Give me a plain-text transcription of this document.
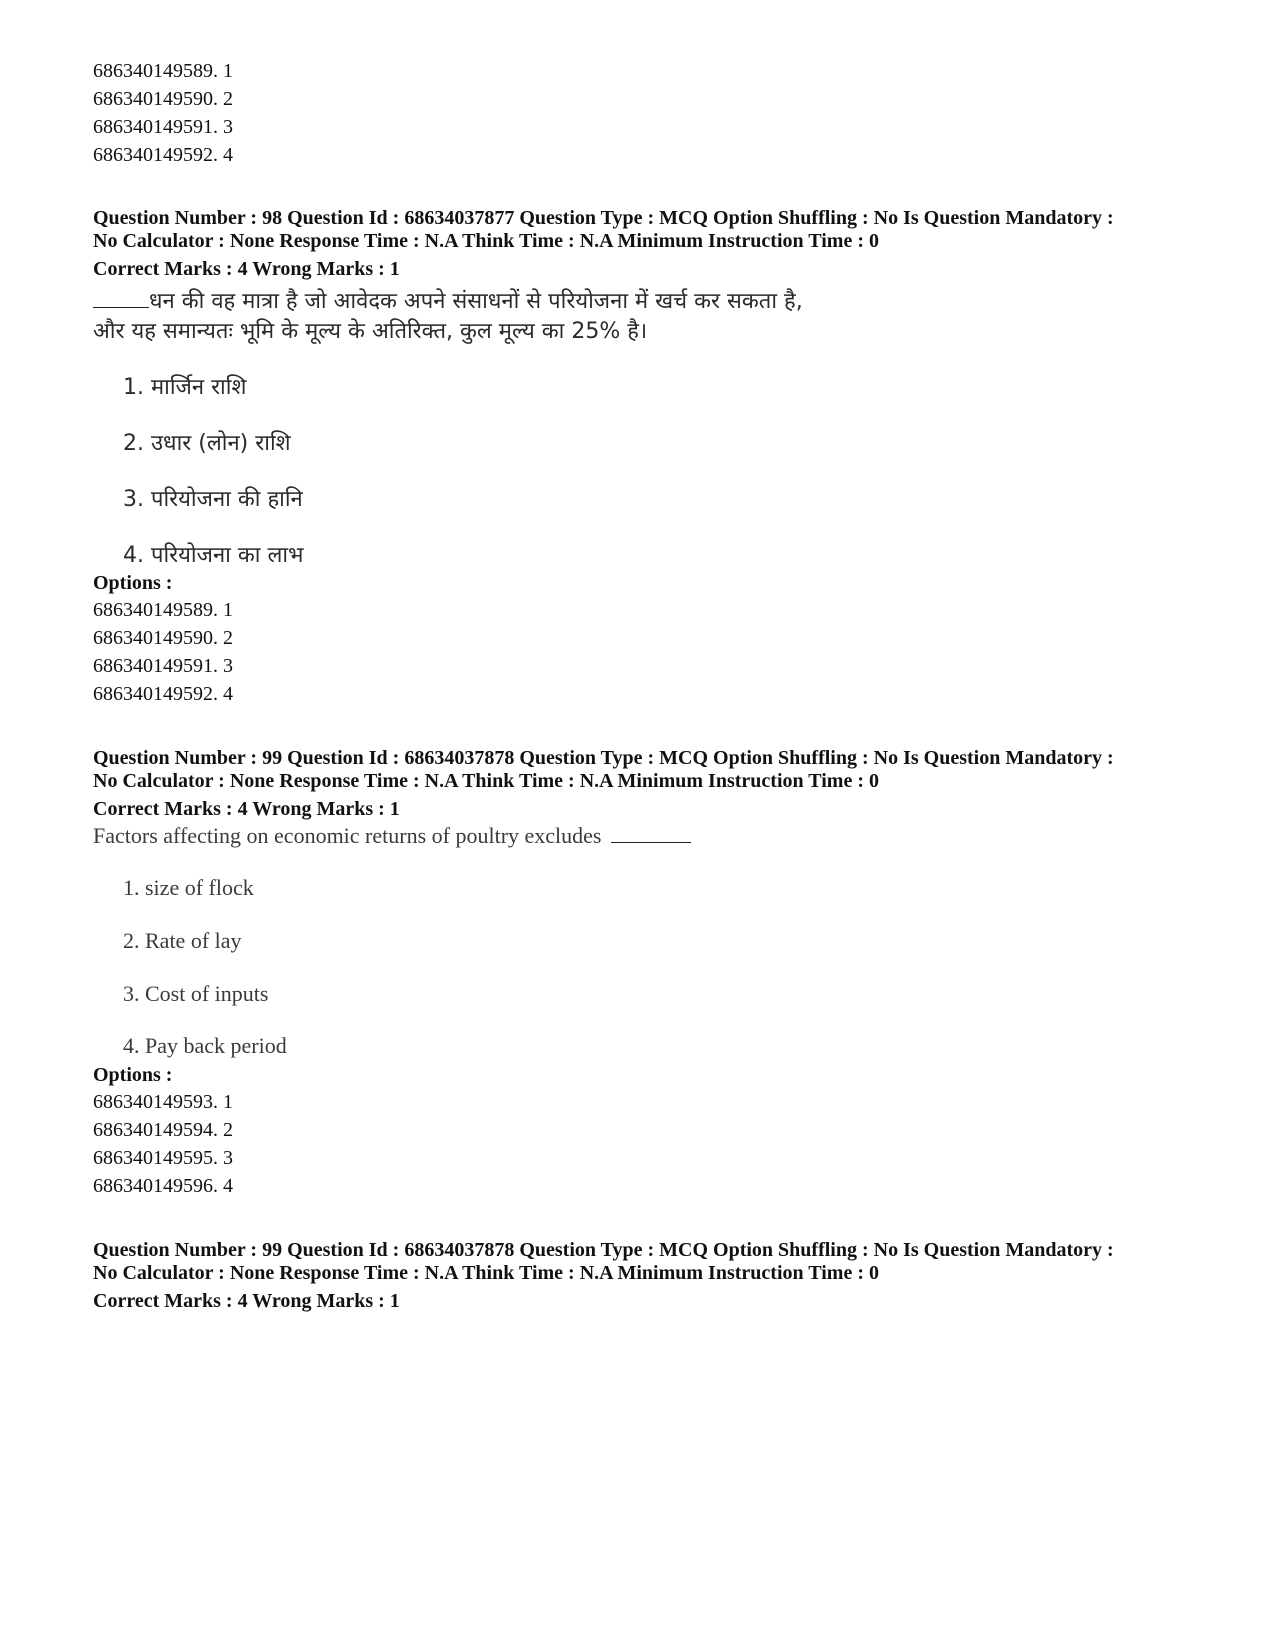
686340149589. 1
686340149590. 2
686340149591. 3
686340149592. 4
Question Number : 98 Question Id : 68634037877 Question Type : MCQ Option Shuffling : No Is Question Mandatory :
No Calculator : None Response Time : N.A Think Time : N.A Minimum Instruction Time : 0
Correct Marks : 4 Wrong Marks : 1
धन की वह मात्रा है जो आवेदक अपने संसाधनों से परियोजना में खर्च कर सकता है,
और यह समान्यतः भूमि के मूल्य के अतिरिक्त, कुल मूल्य का 25% है।
1. मार्जिन राशि
2. उधार (लोन) राशि
3. परियोजना की हानि
4. परियोजना का लाभ
Options :
686340149589. 1
686340149590. 2
686340149591. 3
686340149592. 4
Question Number : 99 Question Id : 68634037878 Question Type : MCQ Option Shuffling : No Is Question Mandatory :
No Calculator : None Response Time : N.A Think Time : N.A Minimum Instruction Time : 0
Correct Marks : 4 Wrong Marks : 1
Factors affecting on economic returns of poultry excludes
1. size of flock
2. Rate of lay
3. Cost of inputs
4. Pay back period
Options :
686340149593. 1
686340149594. 2
686340149595. 3
686340149596. 4
Question Number : 99 Question Id : 68634037878 Question Type : MCQ Option Shuffling : No Is Question Mandatory :
No Calculator : None Response Time : N.A Think Time : N.A Minimum Instruction Time : 0
Correct Marks : 4 Wrong Marks : 1
